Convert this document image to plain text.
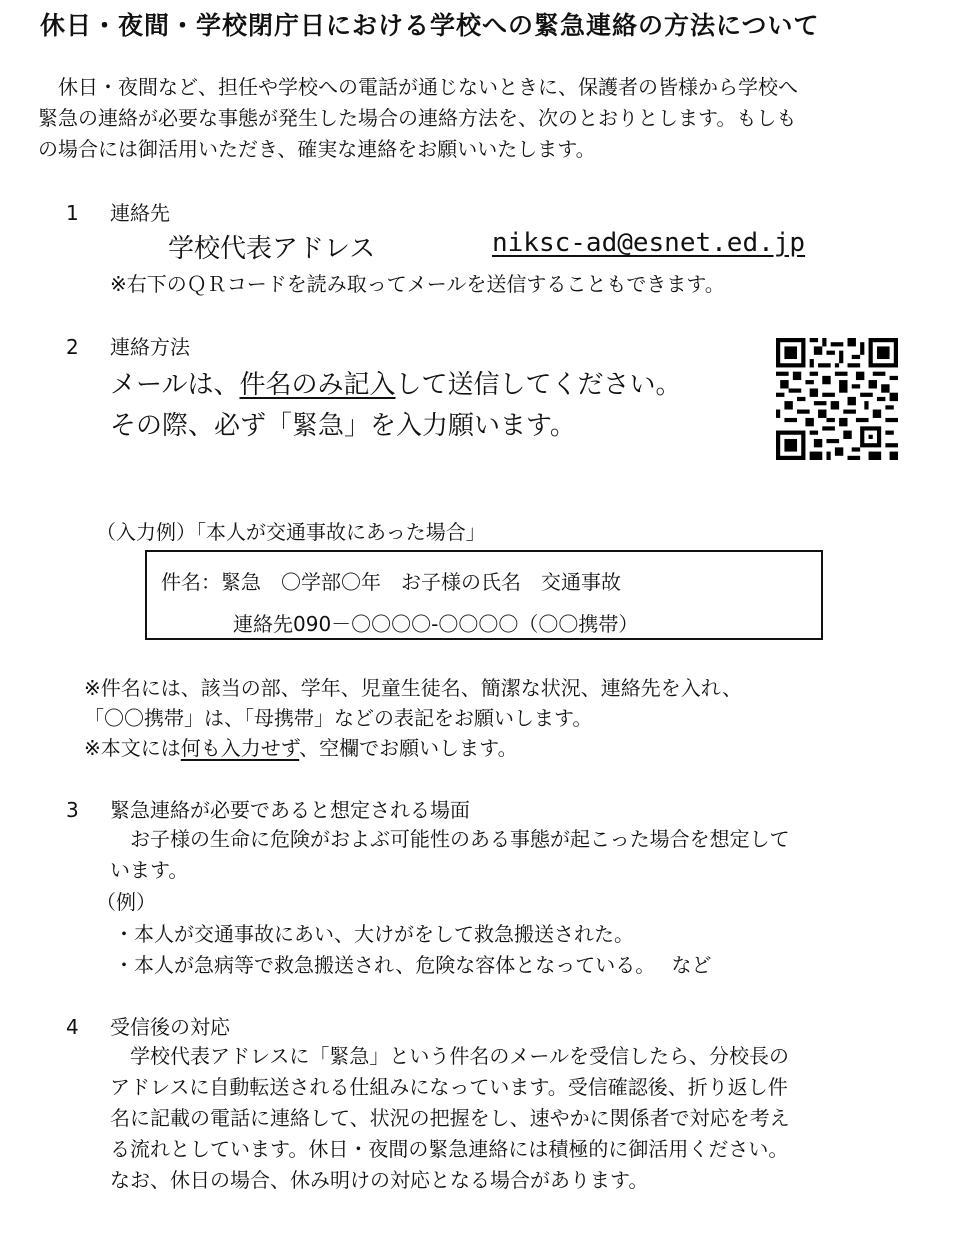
休日・夜間・学校閉庁日における学校への緊急連絡の方法について

　休日・夜間など、担任や学校への電話が通じないときに、保護者の皆様から学校へ

緊急の連絡が必要な事態が発生した場合の連絡方法を、次のとおりとします。もしも

の場合には御活用いただき、確実な連絡をお願いいたします。

1 連絡先
学校代表アドレス	niksc-ad@esnet.ed.jp
※右下のＱＲコードを読み取ってメールを送信することもできます。
2 連絡方法
メールは、件名のみ記入して送信してください。
その際、必ず「緊急」を入力願います。
（入力例）「本人が交通事故にあった場合」
件名：緊急　〇学部〇年　お子様の氏名　交通事故
連絡先090－〇〇〇〇-〇〇〇〇（〇〇携帯）
※件名には、該当の部、学年、児童生徒名、簡潔な状況、連絡先を入れ、
「〇〇携帯」は、「母携帯」などの表記をお願いします。
※本文には何も入力せず、空欄でお願いします。
3 緊急連絡が必要であると想定される場面

　お子様の生命に危険がおよぶ可能性のある事態が起こった場合を想定して

います。

（例）
・本人が交通事故にあい、大けがをして救急搬送された。
・本人が急病等で救急搬送され、危険な容体となっている。　 など
4 受信後の対応

　学校代表アドレスに「緊急」という件名のメールを受信したら、分校長の

アドレスに自動転送される仕組みになっています。受信確認後、折り返し件

名に記載の電話に連絡して、状況の把握をし、速やかに関係者で対応を考え

る流れとしています。休日・夜間の緊急連絡には積極的に御活用ください。

なお、休日の場合、休み明けの対応となる場合があります。
